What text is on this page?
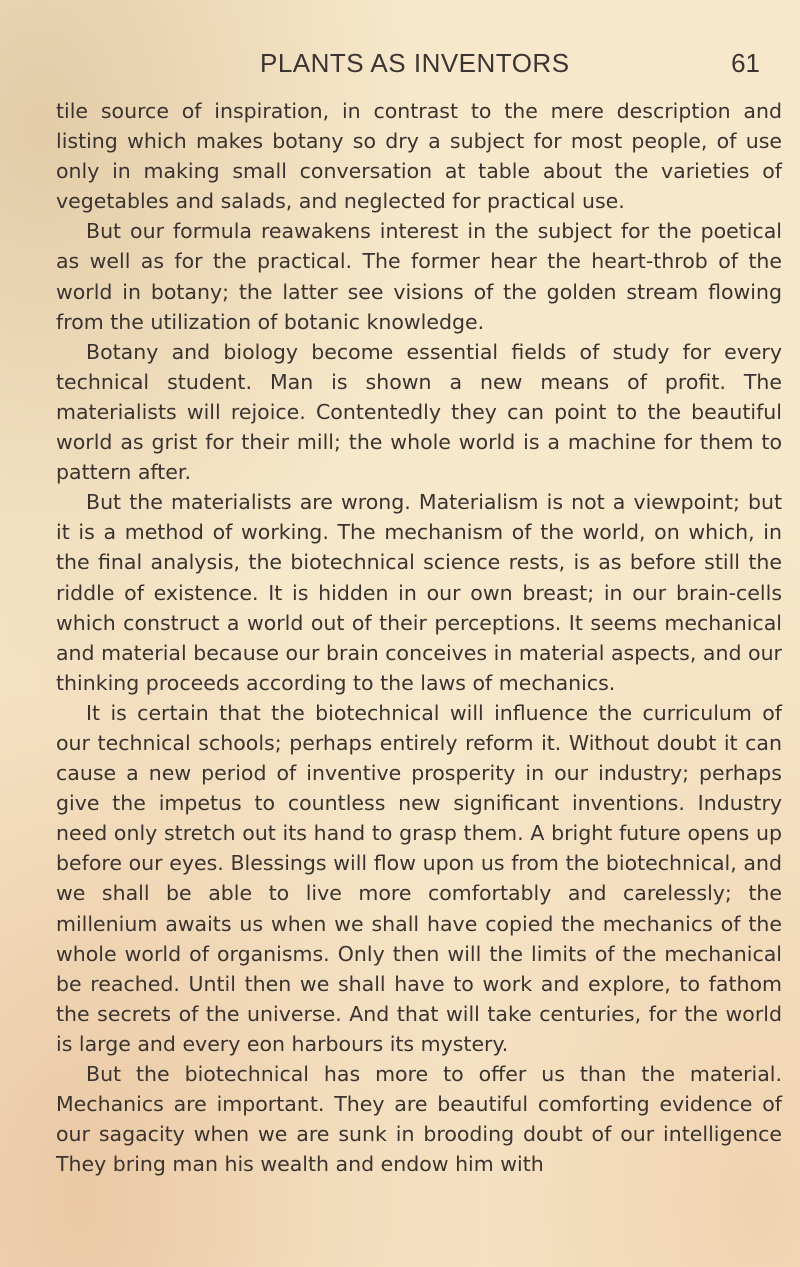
PLANTS AS INVENTORS	61

tile source of inspiration, in contrast to the mere description and listing which makes botany so dry a subject for most people, of use only in making small conversation at table about the varieties of vegetables and salads, and neglected for practical use.

But our formula reawakens interest in the subject for the poetical as well as for the practical. The former hear the heart-throb of the world in botany; the latter see visions of the golden stream flowing from the utilization of botanic knowledge.

Botany and biology become essential fields of study for every technical student. Man is shown a new means of profit. The materialists will rejoice. Contentedly they can point to the beautiful world as grist for their mill; the whole world is a machine for them to pattern after.

But the materialists are wrong. Materialism is not a viewpoint; but it is a method of working. The mechanism of the world, on which, in the final analysis, the biotechnical science rests, is as before still the riddle of existence. It is hidden in our own breast; in our brain-cells which construct a world out of their perceptions. It seems mechanical and material because our brain conceives in material aspects, and our thinking proceeds according to the laws of mechanics.

It is certain that the biotechnical will influence the curriculum of our technical schools; perhaps entirely reform it. Without doubt it can cause a new period of inventive prosperity in our industry; perhaps give the impetus to countless new significant inventions. Industry need only stretch out its hand to grasp them. A bright future opens up before our eyes. Blessings will flow upon us from the biotechnical, and we shall be able to live more comfortably and carelessly; the millenium awaits us when we shall have copied the mechanics of the whole world of organisms. Only then will the limits of the mechanical be reached. Until then we shall have to work and explore, to fathom the secrets of the universe. And that will take centuries, for the world is large and every eon harbours its mystery.

But the biotechnical has more to offer us than the material. Mechanics are important. They are beautiful comforting evidence of our sagacity when we are sunk in brooding doubt of our intelligence They bring man his wealth and endow him with
